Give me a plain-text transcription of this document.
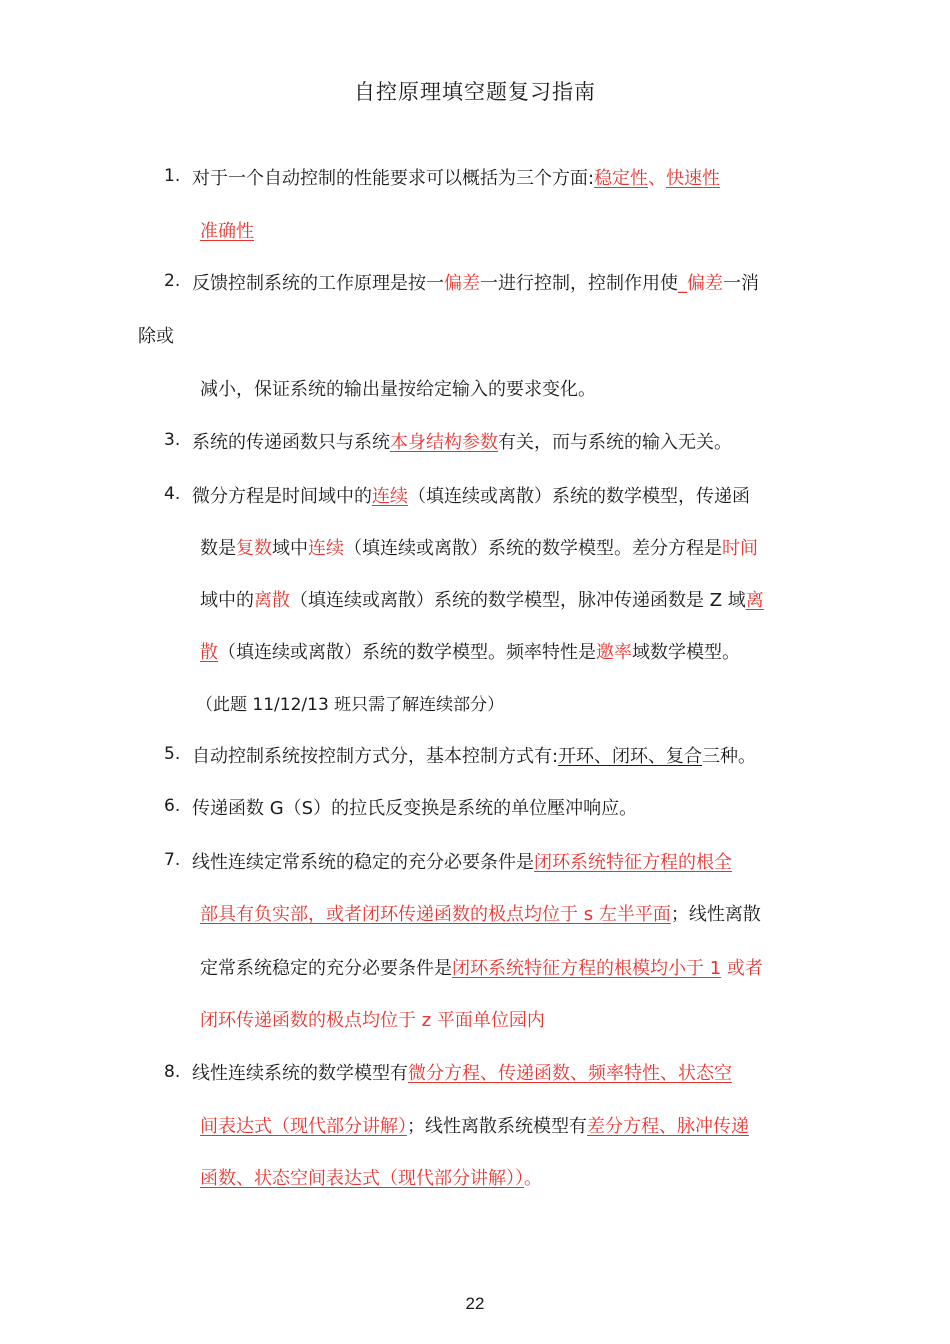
自控原理填空题复习指南
1. 对于一个自动控制的性能要求可以概括为三个方面:稳定性、快速性
准确性
2. 反馈控制系统的工作原理是按一偏差一进行控制，控制作用使_偏差一消
除或
减小，保证系统的输出量按给定输入的要求变化。
3. 系统的传递函数只与系统本身结构参数有关，而与系统的输入无关。
4. 微分方程是时间域中的连续（填连续或离散）系统的数学模型，传递函
数是复数域中连续（填连续或离散）系统的数学模型。差分方程是时间
域中的离散（填连续或离散）系统的数学模型，脉冲传递函数是 Z 域离
散（填连续或离散）系统的数学模型。频率特性是邀率域数学模型。
（此题 11/12/13 班只需了解连续部分）
5. 自动控制系统按控制方式分，基本控制方式有:开环、闭环、复合三种。
6. 传递函数 G（S）的拉氏反变换是系统的单位壓冲响应。
7. 线性连续定常系统的稳定的充分必要条件是闭环系统特征方程的根全
部具有负实部，或者闭环传递函数的极点均位于 s 左半平面；线性离散
定常系统稳定的充分必要条件是闭环系统特征方程的根模均小于 1 或者
闭环传递函数的极点均位于 z 平面单位园内
8. 线性连续系统的数学模型有微分方程、传递函数、频率特性、状态空
间表达式（现代部分讲解）；线性离散系统模型有差分方程、脉冲传递
函数、状态空间表达式（现代部分讲解））。
22
